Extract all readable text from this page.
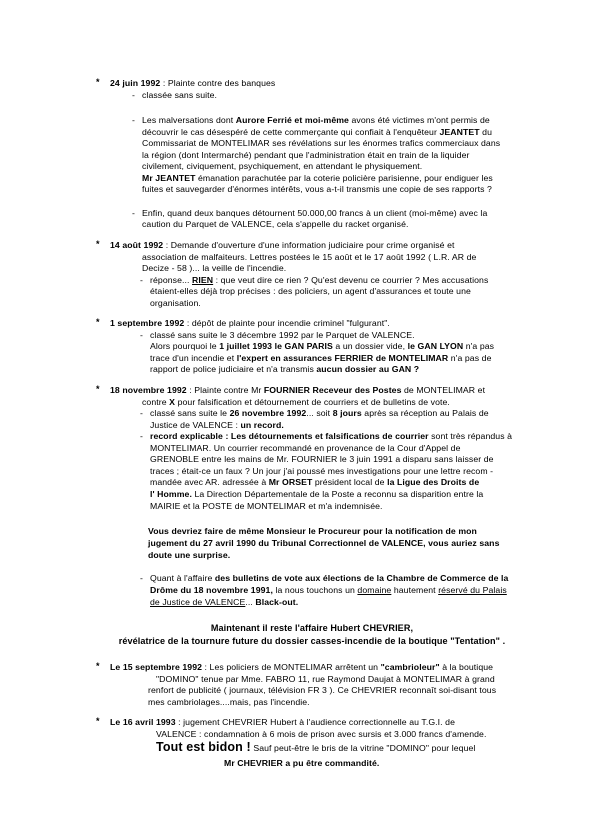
* 24 juin 1992 : Plainte contre des banques
- classée sans suite.
- Les malversations dont Aurore Ferrié et moi-même avons été victimes m'ont permis de
découvrir le cas désespéré de cette commerçante qui confiait à l'enquêteur JEANTET du
Commissariat de MONTELIMAR ses révélations sur les énormes trafics commerciaux dans
la région (dont Intermarché) pendant que l'administration était en train de la liquider
civilement, civiquement, psychiquement, en attendant le physiquement.
Mr JEANTET émanation parachutée par la coterie policière parisienne, pour endiguer les
fuites et sauvegarder d'énormes intérêts, vous a-t-il transmis une copie de ses rapports ?
- Enfin, quand deux banques détournent 50.000,00 francs à un client (moi-même) avec la
caution du Parquet de VALENCE, cela s'appelle du racket organisé.
* 14 août 1992 : Demande d'ouverture d'une information judiciaire pour crime organisé et
association de malfaiteurs. Lettres postées le 15 août et le 17 août 1992 ( L.R. AR de
Decize - 58 )... la veille de l'incendie.
- réponse... RIEN : que veut dire ce rien ? Qu'est devenu ce courrier ? Mes accusations
étaient-elles déjà trop précises : des policiers, un agent d'assurances et toute une
organisation.
* 1 septembre 1992 : dépôt de plainte pour incendie criminel "fulgurant".
- classé sans suite le 3 décembre 1992 par le Parquet de VALENCE.
Alors pourquoi le 1 juillet 1993 le GAN PARIS a un dossier vide, le GAN LYON n'a pas
trace d'un incendie et l'expert en assurances FERRIER de MONTELIMAR n'a pas de
rapport de police judiciaire et n'a transmis aucun dossier au GAN ?
* 18 novembre 1992 : Plainte contre Mr FOURNIER Receveur des Postes de MONTELIMAR et
contre X pour falsification et détournement de courriers et de bulletins de vote.
- classé sans suite le 26 novembre 1992... soit 8 jours après sa réception au Palais de
Justice de VALENCE : un record.
- record explicable : Les détournements et falsifications de courrier sont très répandus à
MONTELIMAR. Un courrier recommandé en provenance de la Cour d'Appel de
GRENOBLE entre les mains de Mr. FOURNIER le 3 juin 1991 a disparu sans laisser de
traces ; était-ce un faux ? Un jour j'ai poussé mes investigations pour une lettre recom -
mandée avec AR. adressée à Mr ORSET président local de la Ligue des Droits de
l' Homme. La Direction Départementale de la Poste a reconnu sa disparition entre la
MAIRIE et la POSTE de MONTELIMAR et m'a indemnisée.
Vous devriez faire de même Monsieur le Procureur pour la notification de mon
jugement du 27 avril 1990 du Tribunal Correctionnel de VALENCE, vous auriez sans
doute une surprise.
- Quant à l'affaire des bulletins de vote aux élections de la Chambre de Commerce de la
Drôme du 18 novembre 1991, la nous touchons un domaine hautement réservé du Palais
de Justice de VALENCE... Black-out.
Maintenant il reste l'affaire Hubert CHEVRIER,
révélatrice de la tournure future du dossier casses-incendie de la boutique "Tentation" .
* Le 15 septembre 1992 : Les policiers de MONTELIMAR arrêtent un "cambrioleur" à la boutique
"DOMINO" tenue par Mme. FABRO 11, rue Raymond Daujat à MONTELIMAR à grand
renfort de publicité ( journaux, télévision FR 3 ). Ce CHEVRIER reconnaît soi-disant tous
mes cambriolages....mais, pas l'incendie.
* Le 16 avril 1993 : jugement CHEVRIER Hubert à l'audience correctionnelle au T.G.I. de
VALENCE : condamnation à 6 mois de prison avec sursis et 3.000 francs d'amende.
Tout est bidon ! Sauf peut-être le bris de la vitrine "DOMINO" pour lequel
Mr CHEVRIER a pu être commandité.
